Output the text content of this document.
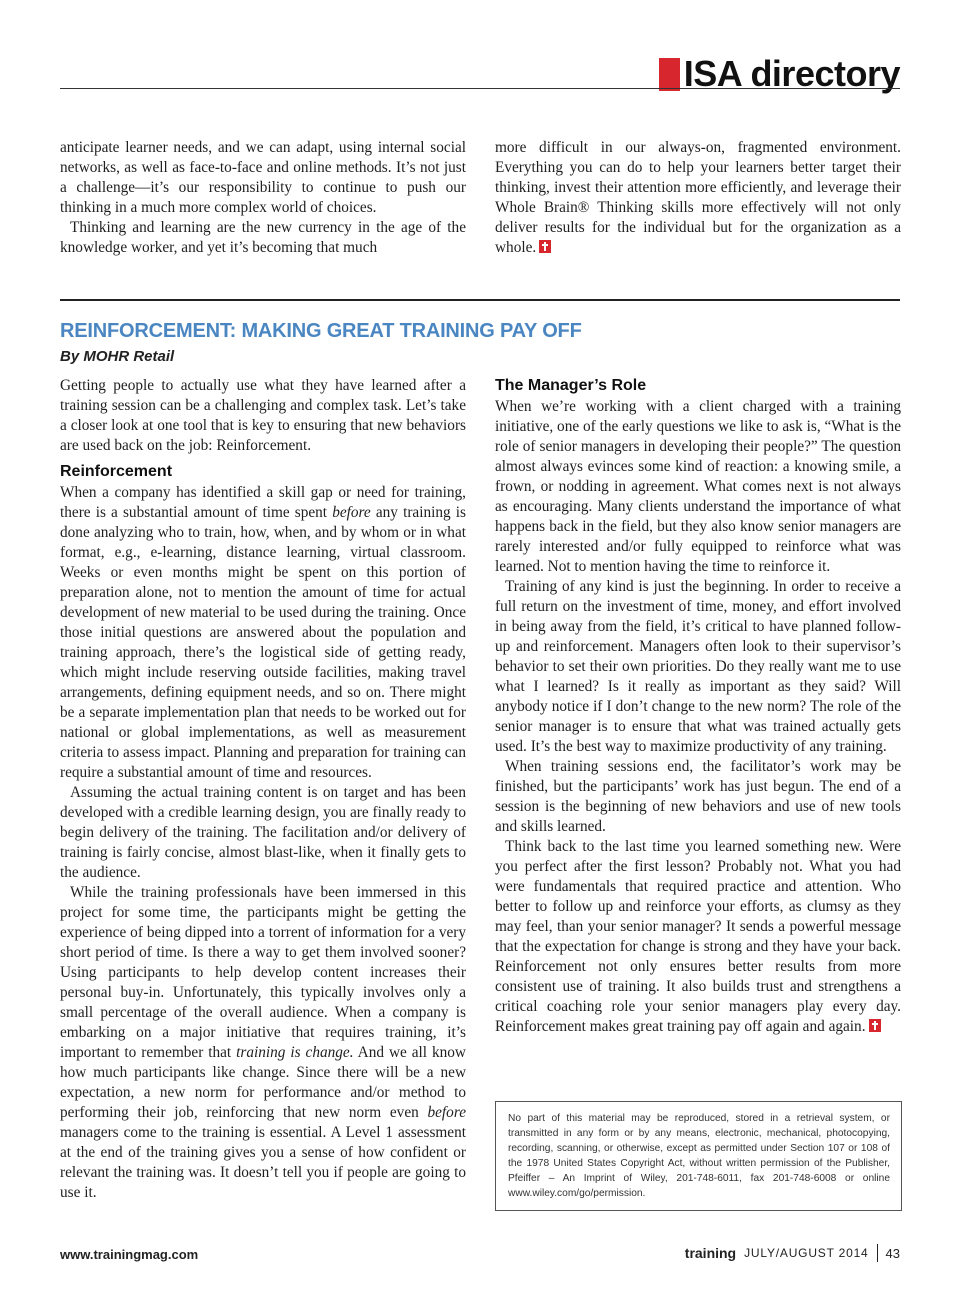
ISA directory

anticipate learner needs, and we can adapt, using internal social networks, as well as face-to-face and online methods. It’s not just a challenge—it’s our responsibility to continue to push our thinking in a much more complex world of choices.

Thinking and learning are the new currency in the age of the knowledge worker, and yet it’s becoming that much

more difficult in our always-on, fragmented environment. Everything you can do to help your learners better target their thinking, invest their attention more efficiently, and leverage their Whole Brain® Thinking skills more effectively will not only deliver results for the individual but for the organization as a whole.

REINFORCEMENT: MAKING GREAT TRAINING PAY OFF
By MOHR Retail

Getting people to actually use what they have learned after a training session can be a challenging and complex task. Let’s take a closer look at one tool that is key to ensuring that new behaviors are used back on the job: Reinforcement.

Reinforcement

When a company has identified a skill gap or need for training, there is a substantial amount of time spent before any training is done analyzing who to train, how, when, and by whom or in what format, e.g., e-learning, distance learning, virtual classroom. Weeks or even months might be spent on this portion of preparation alone, not to mention the amount of time for actual development of new material to be used during the training. Once those initial questions are answered about the population and training approach, there’s the logistical side of getting ready, which might include reserving outside facilities, making travel arrangements, defining equipment needs, and so on. There might be a separate implementation plan that needs to be worked out for national or global implementations, as well as measurement criteria to assess impact. Planning and preparation for training can require a substantial amount of time and resources.

Assuming the actual training content is on target and has been developed with a credible learning design, you are finally ready to begin delivery of the training. The facilitation and/or delivery of training is fairly concise, almost blast-like, when it finally gets to the audience.

While the training professionals have been immersed in this project for some time, the participants might be getting the experience of being dipped into a torrent of information for a very short period of time. Is there a way to get them involved sooner? Using participants to help develop content increases their personal buy-in. Unfortunately, this typically involves only a small percentage of the overall audience. When a company is embarking on a major initiative that requires training, it’s important to remember that training is change. And we all know how much participants like change. Since there will be a new expectation, a new norm for performance and/or method to performing their job, reinforcing that new norm even before managers come to the training is essential. A Level 1 assessment at the end of the training gives you a sense of how confident or relevant the training was. It doesn’t tell you if people are going to use it.

The Manager’s Role

When we’re working with a client charged with a training initiative, one of the early questions we like to ask is, “What is the role of senior managers in developing their people?” The question almost always evinces some kind of reaction: a knowing smile, a frown, or nodding in agreement. What comes next is not always as encouraging. Many clients understand the importance of what happens back in the field, but they also know senior managers are rarely interested and/or fully equipped to reinforce what was learned. Not to mention having the time to reinforce it.

Training of any kind is just the beginning. In order to receive a full return on the investment of time, money, and effort involved in being away from the field, it’s critical to have planned follow-up and reinforcement. Managers often look to their supervisor’s behavior to set their own priorities. Do they really want me to use what I learned? Is it really as important as they said? Will anybody notice if I don’t change to the new norm? The role of the senior manager is to ensure that what was trained actually gets used. It’s the best way to maximize productivity of any training.

When training sessions end, the facilitator’s work may be finished, but the participants’ work has just begun. The end of a session is the beginning of new behaviors and use of new tools and skills learned.

Think back to the last time you learned something new. Were you perfect after the first lesson? Probably not. What you had were fundamentals that required practice and attention. Who better to follow up and reinforce your efforts, as clumsy as they may feel, than your senior manager? It sends a powerful message that the expectation for change is strong and they have your back. Reinforcement not only ensures better results from more consistent use of training. It also builds trust and strengthens a critical coaching role your senior managers play every day. Reinforcement makes great training pay off again and again.

No part of this material may be reproduced, stored in a retrieval system, or transmitted in any form or by any means, electronic, mechanical, photocopying, recording, scanning, or otherwise, except as permitted under Section 107 or 108 of the 1978 United States Copyright Act, without written permission of the Publisher, Pfeiffer – An Imprint of Wiley, 201-748-6011, fax 201-748-6008 or online www.wiley.com/go/permission.
www.trainingmag.com	training JULY/AUGUST 2014 43
